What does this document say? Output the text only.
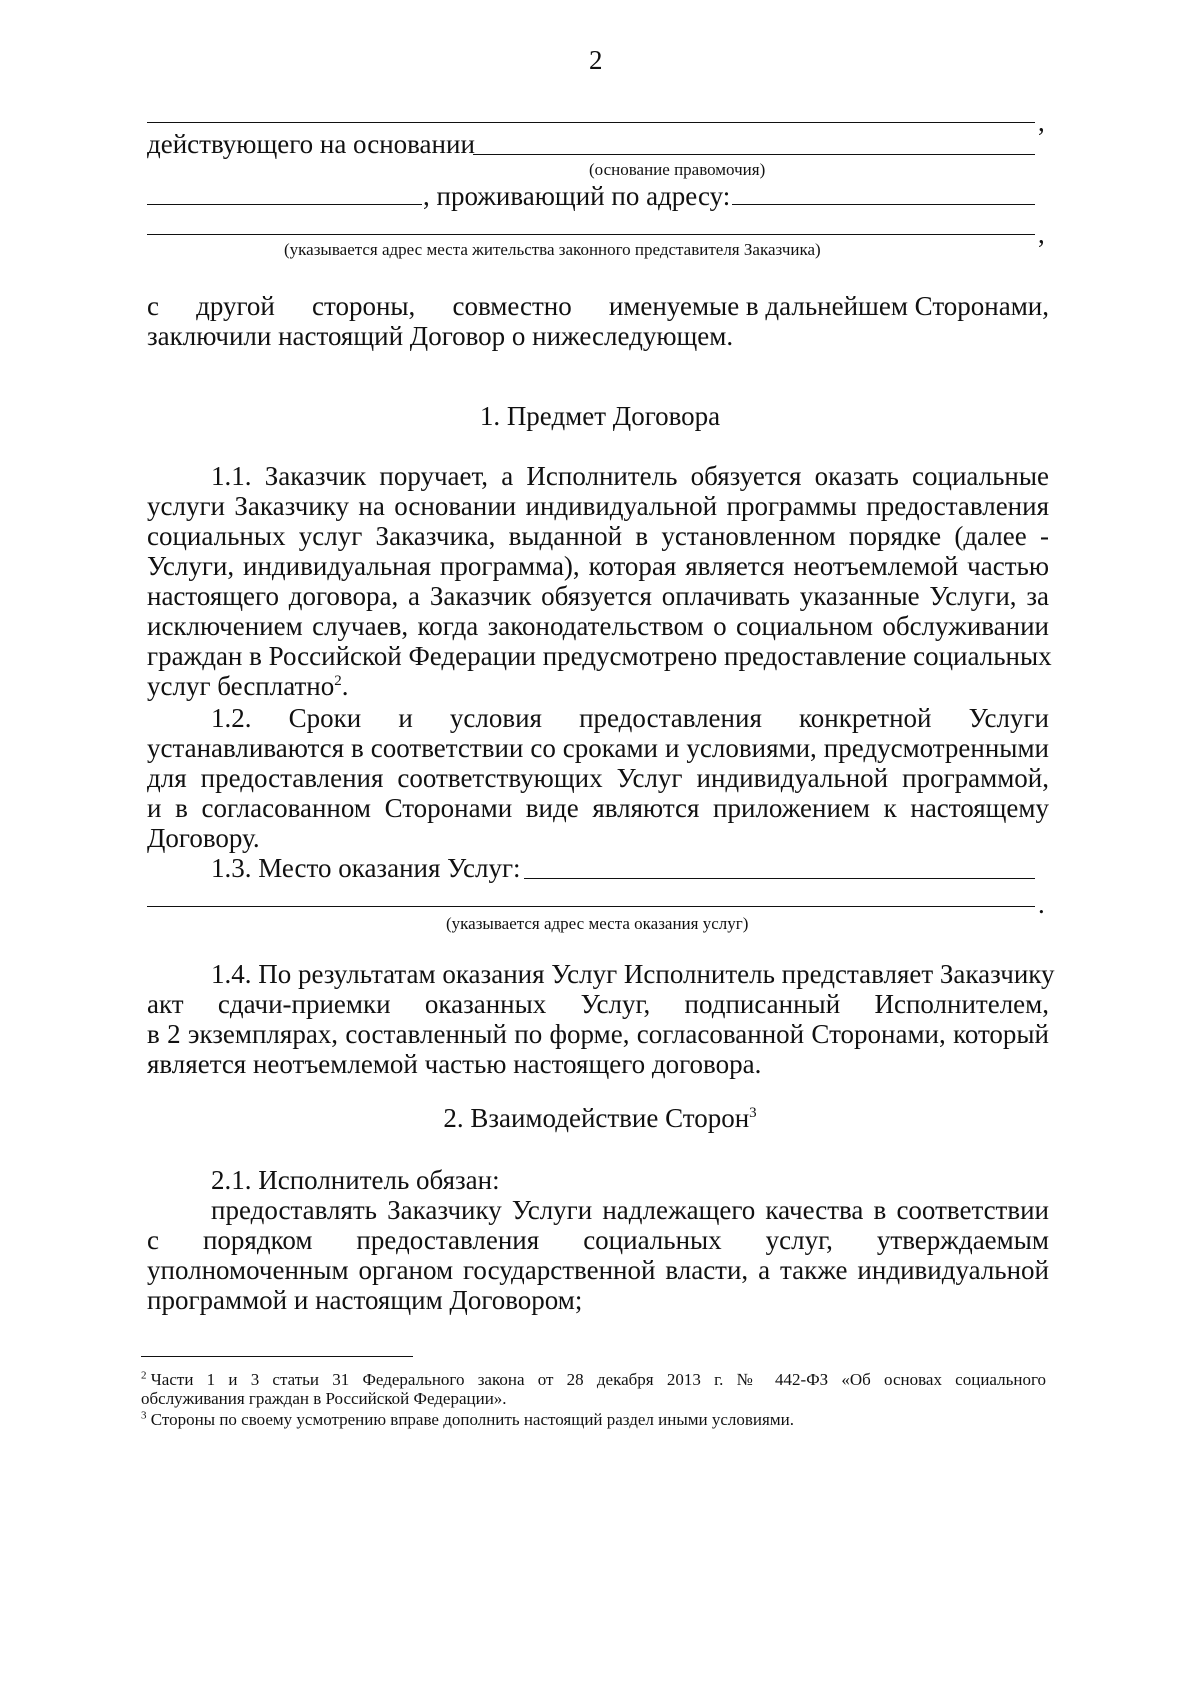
2
,
действующего на основании
(основание правомочия)
, проживающий по адресу:
,
(указывается адрес места жительства законного представителя Заказчика)
с другой стороны, совместно именуемые в дальнейшем Сторонами,
заключили настоящий Договор о нижеследующем.
1. Предмет Договора
1.1. Заказчик поручает, а Исполнитель обязуется оказать социальные
услуги Заказчику на основании индивидуальной программы предоставления
социальных услуг Заказчика, выданной в установленном порядке (далее -
Услуги, индивидуальная программа), которая является неотъемлемой частью
настоящего договора, а Заказчик обязуется оплачивать указанные Услуги, за
исключением случаев, когда законодательством о социальном обслуживании
граждан в Российской Федерации предусмотрено предоставление социальных
услуг бесплатно$^2$.
1.2. Сроки и условия предоставления конкретной Услуги
устанавливаются в соответствии со сроками и условиями, предусмотренными
для предоставления соответствующих Услуг индивидуальной программой,
и в согласованном Сторонами виде являются приложением к настоящему
Договору.
1.3. Место оказания Услуг:
.
(указывается адрес места оказания услуг)
1.4. По результатам оказания Услуг Исполнитель представляет Заказчику
акт сдачи-приемки оказанных Услуг, подписанный Исполнителем,
в 2 экземплярах, составленный по форме, согласованной Сторонами, который
является неотъемлемой частью настоящего договора.
2. Взаимодействие Сторон$^3$
2.1. Исполнитель обязан:
предоставлять Заказчику Услуги надлежащего качества в соответствии
с порядком предоставления социальных услуг, утверждаемым
уполномоченным органом государственной власти, а также индивидуальной
программой и настоящим Договором;
$^2$ Части 1 и 3 статьи 31 Федерального закона от 28 декабря 2013 г. № 442-ФЗ «Об основах социального
обслуживания граждан в Российской Федерации».
$^3$ Стороны по своему усмотрению вправе дополнить настоящий раздел иными условиями.
